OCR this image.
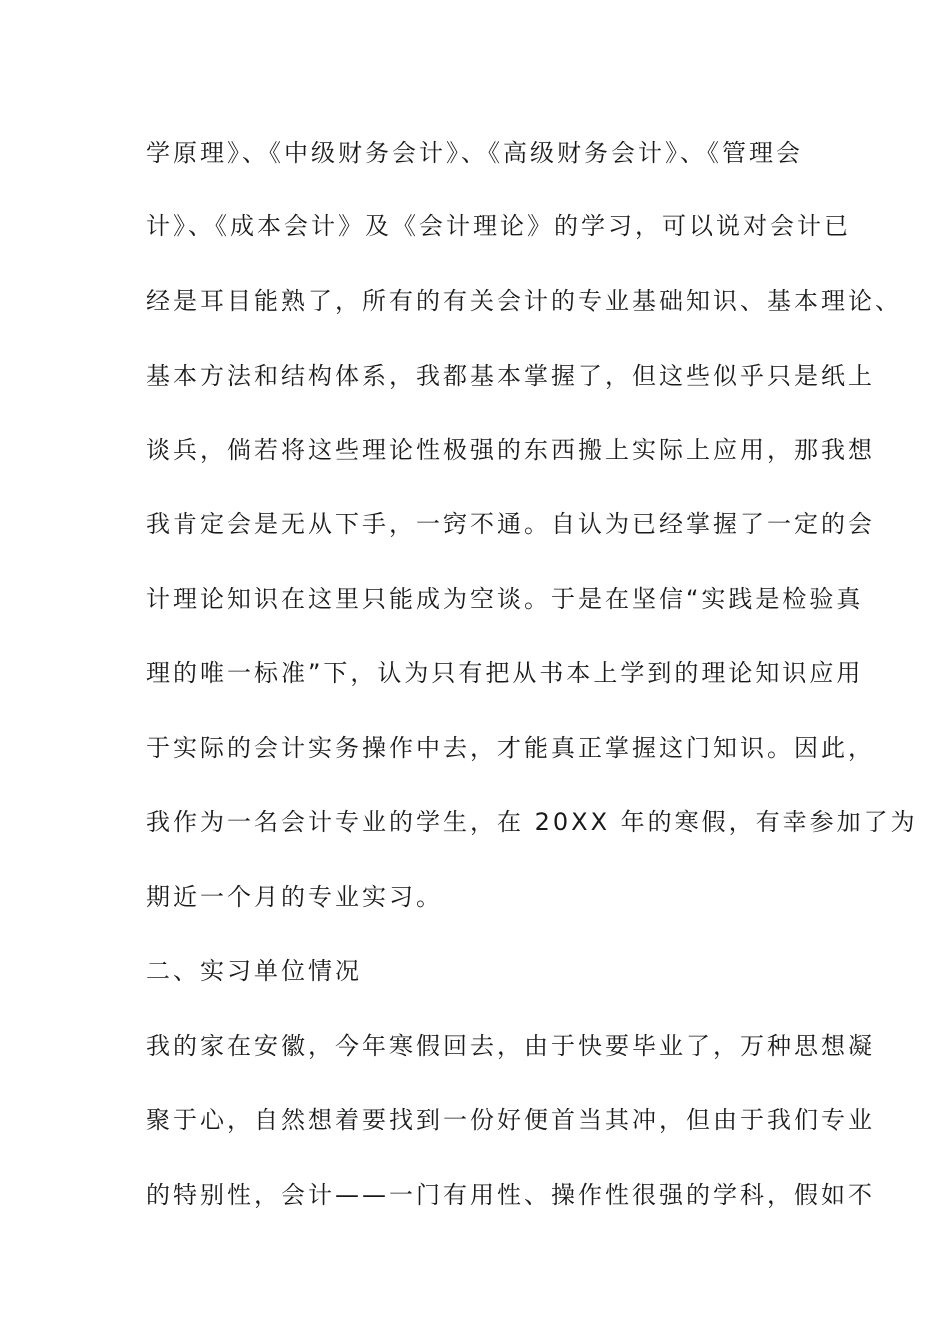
学原理》、《中级财务会计》、《高级财务会计》、《管理会
计》、《成本会计》及《会计理论》的学习，可以说对会计已
经是耳目能熟了，所有的有关会计的专业基础知识、基本理论、
基本方法和结构体系，我都基本掌握了，但这些似乎只是纸上
谈兵，倘若将这些理论性极强的东西搬上实际上应用，那我想
我肯定会是无从下手，一窍不通。自认为已经掌握了一定的会
计理论知识在这里只能成为空谈。于是在坚信“实践是检验真
理的唯一标准”下，认为只有把从书本上学到的理论知识应用
于实际的会计实务操作中去，才能真正掌握这门知识。因此，
我作为一名会计专业的学生，在 20XX 年的寒假，有幸参加了为
期近一个月的专业实习。
二、实习单位情况
我的家在安徽，今年寒假回去，由于快要毕业了，万种思想凝
聚于心，自然想着要找到一份好便首当其冲，但由于我们专业
的特别性，会计——一门有用性、操作性很强的学科，假如不
